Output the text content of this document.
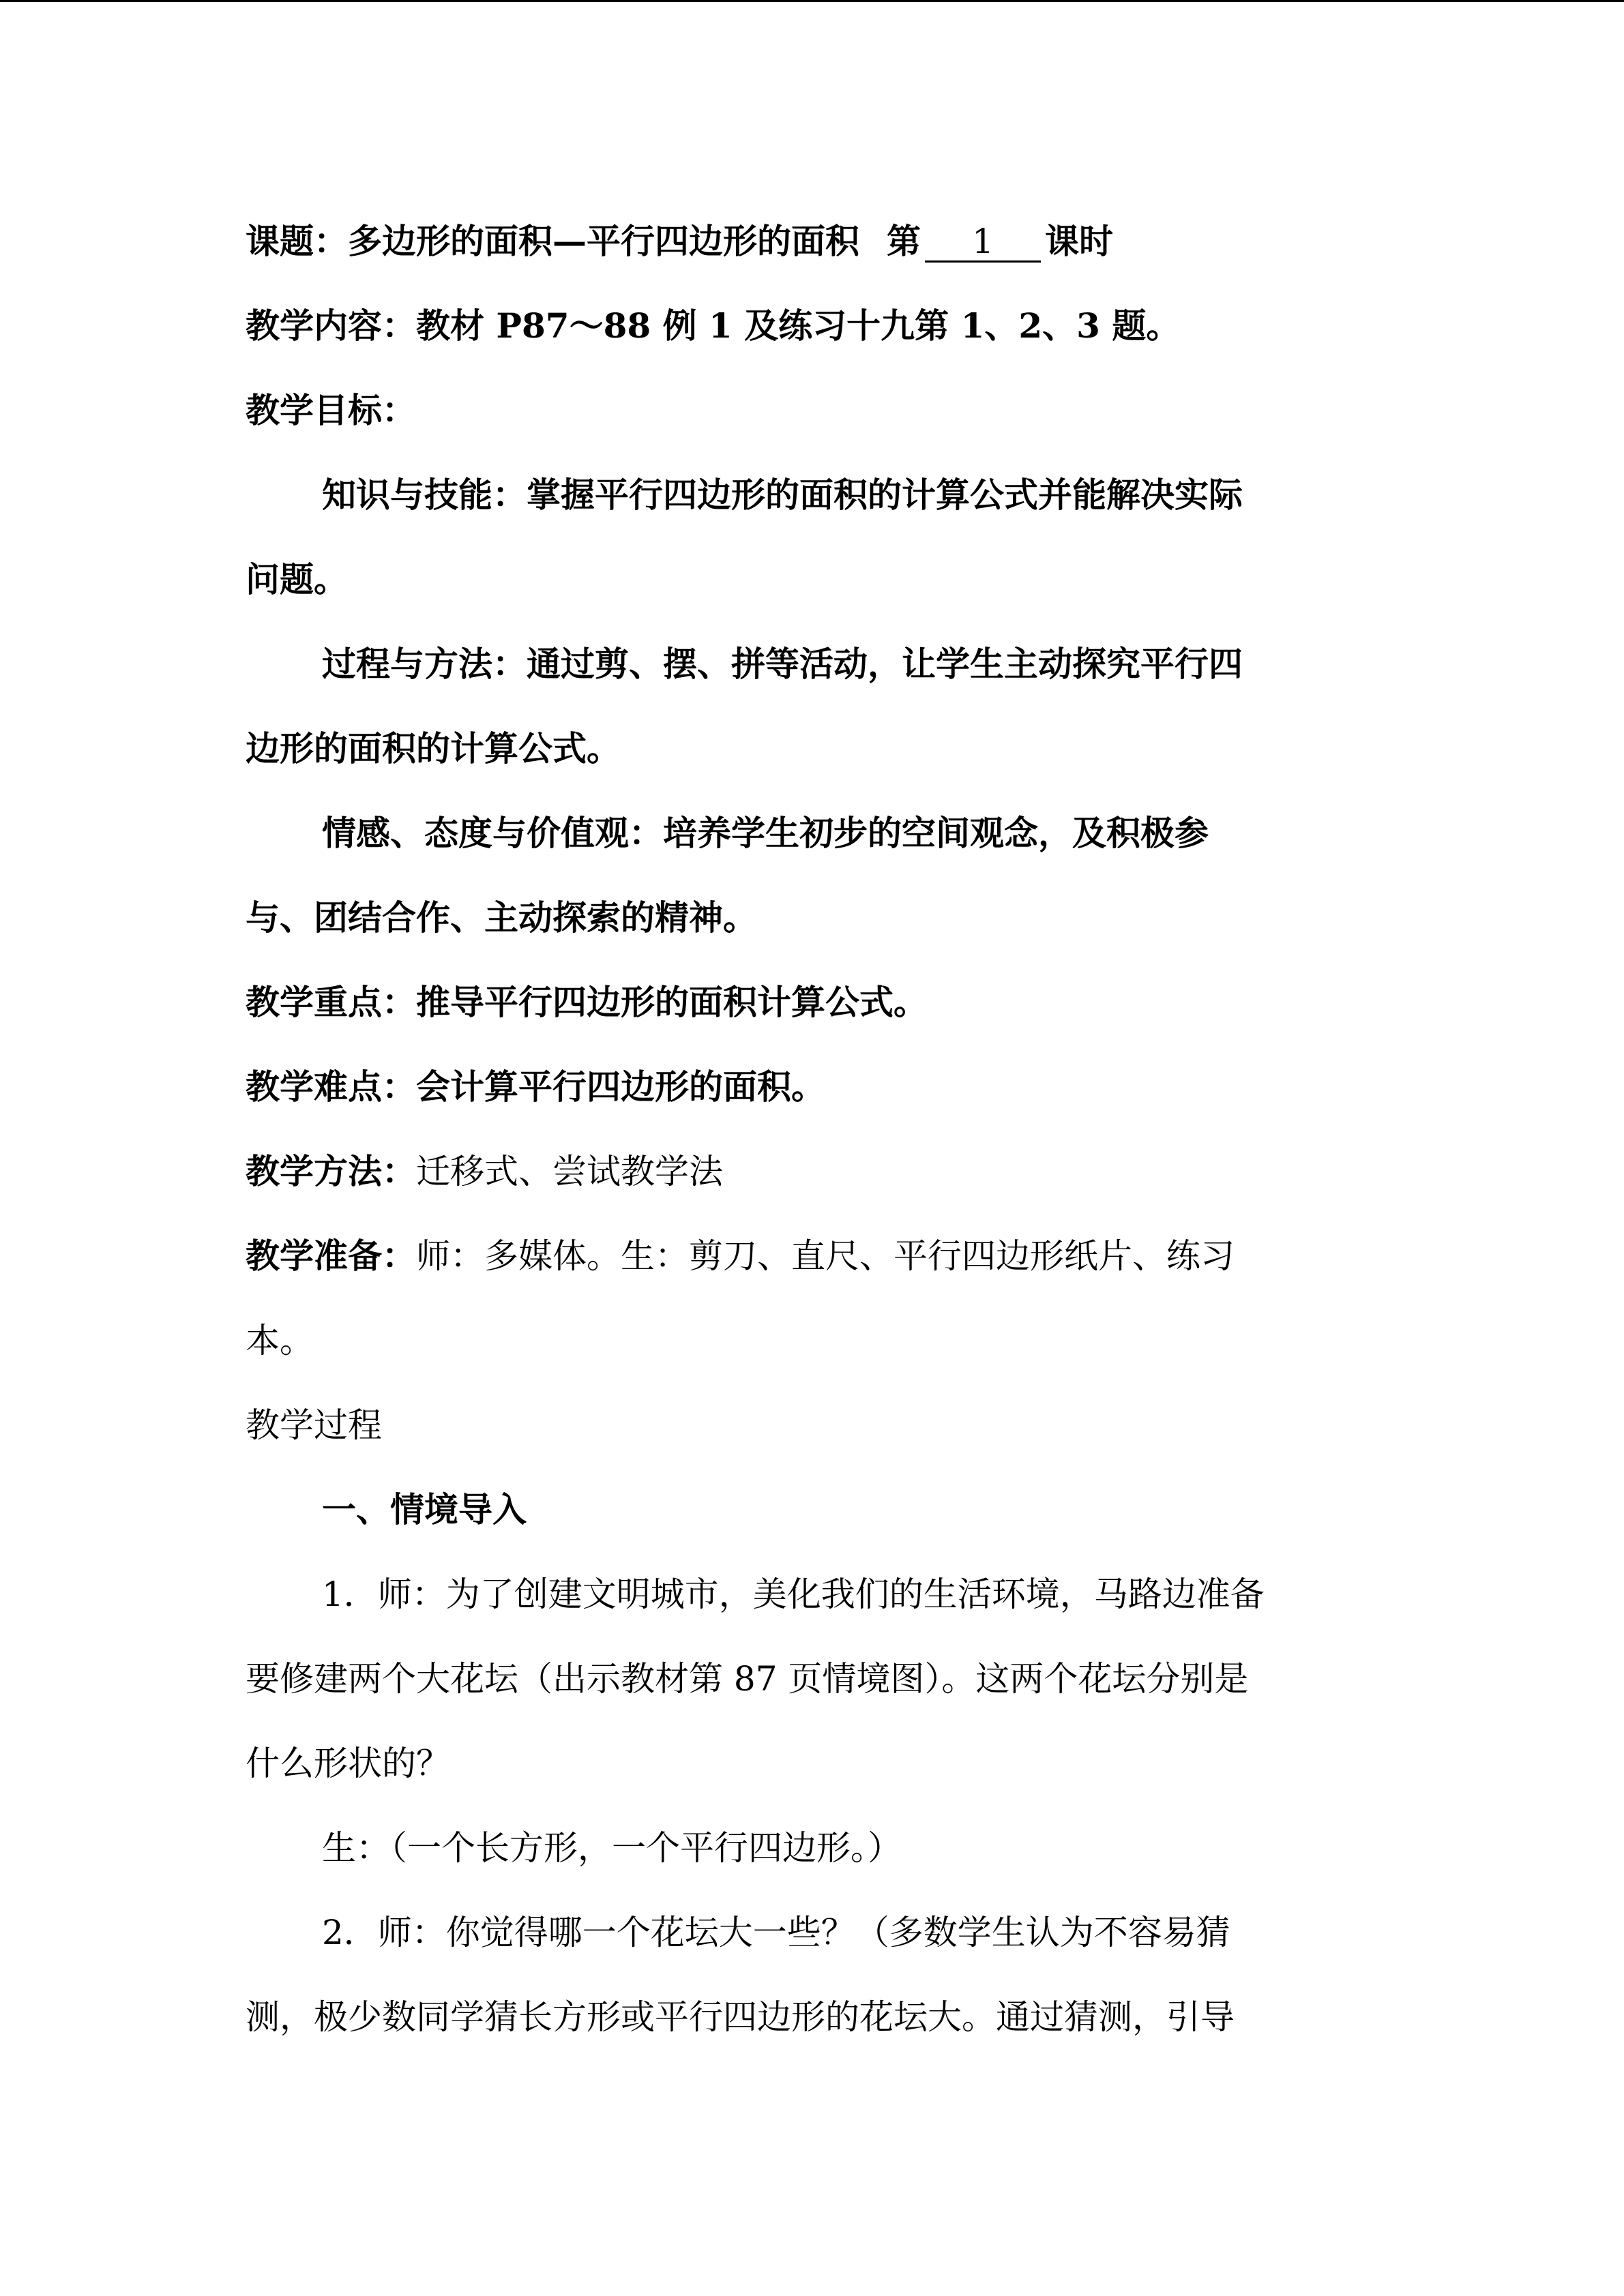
课题：多边形的面积—平行四边形的面积 第 1 课时

教学内容：教材 P87～88 例 1 及练习十九第 1、2、3 题。

教学目标：

知识与技能：掌握平行四边形的面积的计算公式并能解决实际

问题。

过程与方法：通过剪、摆、拼等活动，让学生主动探究平行四

边形的面积的计算公式。

情感、态度与价值观：培养学生初步的空间观念，及积极参

与、团结合作、主动探索的精神。

教学重点：推导平行四边形的面积计算公式。

教学难点：会计算平行四边形的面积。

教学方法：迁移式、尝试教学法

教学准备：师：多媒体。生：剪刀、直尺、平行四边形纸片、练习

本。

教学过程

一、情境导入

1．师：为了创建文明城市，美化我们的生活环境，马路边准备

要修建两个大花坛（出示教材第 87 页情境图）。这两个花坛分别是

什么形状的？

生：（一个长方形，一个平行四边形。）

2．师：你觉得哪一个花坛大一些？（多数学生认为不容易猜

测，极少数同学猜长方形或平行四边形的花坛大。通过猜测，引导
